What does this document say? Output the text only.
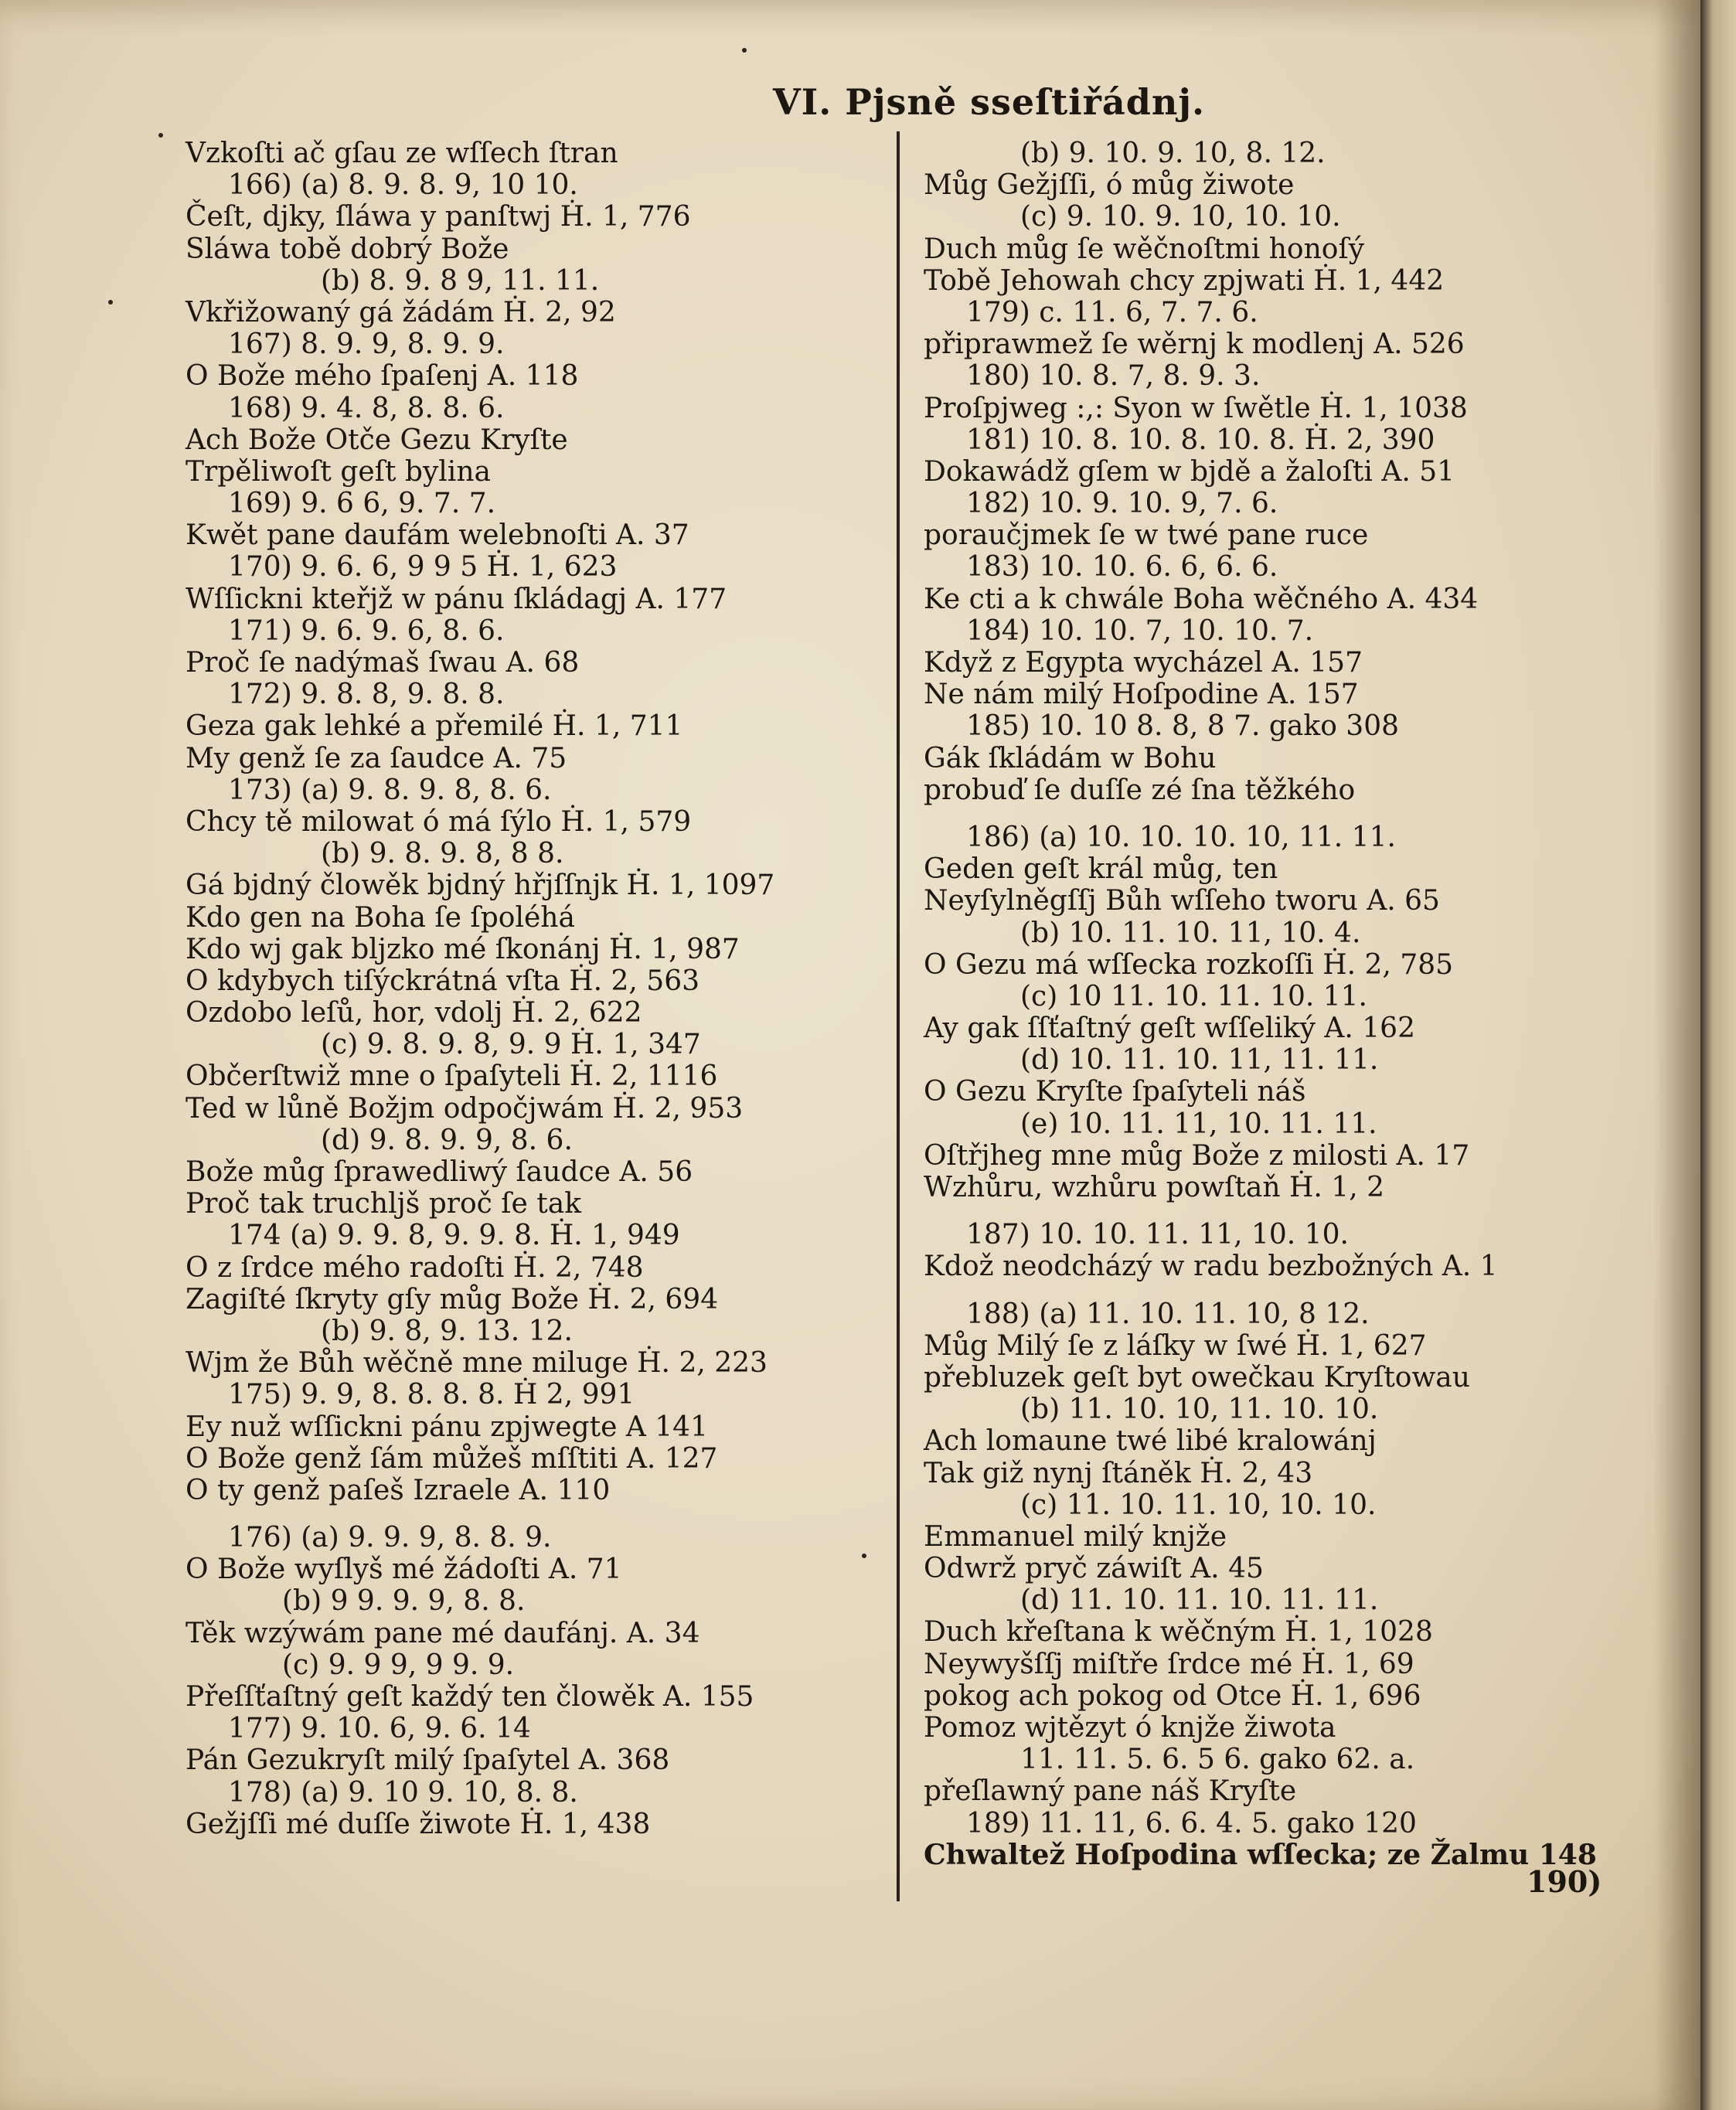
VI. Pjsně sseſtiřádnj.
Vzkoſti ač gſau ze wſſech ſtran
166) (a) 8. 9. 8. 9, 10 10.
Čeſt, djky, ſláwa y panſtwj Ḣ. 1, 776
Sláwa tobě dobrý Bože
(b) 8. 9. 8 9, 11. 11.
Vkřižowaný gá žádám Ḣ. 2, 92
167) 8. 9. 9, 8. 9. 9.
O Bože mého ſpaſenj A. 118
168) 9. 4. 8, 8. 8. 6.
Ach Bože Otče Gezu Kryſte
Trpěliwoſt geſt bylina
169) 9. 6 6, 9. 7. 7.
Kwět pane daufám welebnoſti A. 37
170) 9. 6. 6, 9 9 5 Ḣ. 1, 623
Wſſickni kteřjž w pánu ſkládagj A. 177
171) 9. 6. 9. 6, 8. 6.
Proč ſe nadýmaš ſwau A. 68
172) 9. 8. 8, 9. 8. 8.
Geza gak lehké a přemilé Ḣ. 1, 711
My genž ſe za ſaudce A. 75
173) (a) 9. 8. 9. 8, 8. 6.
Chcy tě milowat ó má ſýlo Ḣ. 1, 579
(b) 9. 8. 9. 8, 8 8.
Gá bjdný člowěk bjdný hřjſſnjk Ḣ. 1, 1097
Kdo gen na Boha ſe ſpoléhá
Kdo wj gak bljzko mé ſkonánj Ḣ. 1, 987
O kdybych tiſýckrátná vſta Ḣ. 2, 563
Ozdobo leſů, hor, vdolj Ḣ. 2, 622
(c) 9. 8. 9. 8, 9. 9 Ḣ. 1, 347
Občerſtwiž mne o ſpaſyteli Ḣ. 2, 1116
Ted w lůně Božjm odpočjwám Ḣ. 2, 953
(d) 9. 8. 9. 9, 8. 6.
Bože můg ſprawedliwý ſaudce A. 56
Proč tak truchljš proč ſe tak
174 (a) 9. 9. 8, 9. 9. 8. Ḣ. 1, 949
O z ſrdce mého radoſti Ḣ. 2, 748
Zagiſté ſkryty gſy můg Bože Ḣ. 2, 694
(b) 9. 8, 9. 13. 12.
Wjm že Bůh wěčně mne miluge Ḣ. 2, 223
175) 9. 9, 8. 8. 8. 8. Ḣ 2, 991
Ey nuž wſſickni pánu zpjwegte A 141
O Bože genž ſám můžeš mſſtiti A. 127
O ty genž paſeš Izraele A. 110
176) (a) 9. 9. 9, 8. 8. 9.
O Bože wyſlyš mé žádoſti A. 71
(b) 9 9. 9. 9, 8. 8.
Těk wzýwám pane mé daufánj. A. 34
(c) 9. 9 9, 9 9. 9.
Přeſſťaſtný geſt každý ten člowěk A. 155
177) 9. 10. 6, 9. 6. 14
Pán Gezukryſt milý ſpaſytel A. 368
178) (a) 9. 10 9. 10, 8. 8.
Gežjſſi mé duſſe žiwote Ḣ. 1, 438
(b) 9. 10. 9. 10, 8. 12.
Můg Gežjſſi, ó můg žiwote
(c) 9. 10. 9. 10, 10. 10.
Duch můg ſe wěčnoſtmi honoſý
Tobě Jehowah chcy zpjwati Ḣ. 1, 442
179) c. 11. 6, 7. 7. 6.
připrawmež ſe wěrnj k modlenj A. 526
180) 10. 8. 7, 8. 9. 3.
Proſpjweg :,: Syon w ſwětle Ḣ. 1, 1038
181) 10. 8. 10. 8. 10. 8. Ḣ. 2, 390
Dokawádž gſem w bjdě a žaloſti A. 51
182) 10. 9. 10. 9, 7. 6.
poraučjmek ſe w twé pane ruce
183) 10. 10. 6. 6, 6. 6.
Ke cti a k chwále Boha wěčného A. 434
184) 10. 10. 7, 10. 10. 7.
Když z Egypta wycházel A. 157
Ne nám milý Hoſpodine A. 157
185) 10. 10 8. 8, 8 7. gako 308
Gák ſkládám w Bohu
probuď ſe duſſe zé ſna těžkého
186) (a) 10. 10. 10. 10, 11. 11.
Geden geſt král můg, ten
Neyſylněgſſj Bůh wſſeho tworu A. 65
(b) 10. 11. 10. 11, 10. 4.
O Gezu má wſſecka rozkoſſi Ḣ. 2, 785
(c) 10 11. 10. 11. 10. 11.
Ay gak ſſťaſtný geſt wſſeliký A. 162
(d) 10. 11. 10. 11, 11. 11.
O Gezu Kryſte ſpaſyteli náš
(e) 10. 11. 11, 10. 11. 11.
Oſtřjheg mne můg Bože z milosti A. 17
Wzhůru, wzhůru powſtaň Ḣ. 1, 2
187) 10. 10. 11. 11, 10. 10.
Kdož neodcházý w radu bezbožných A. 1
188) (a) 11. 10. 11. 10, 8 12.
Můg Milý ſe z láſky w ſwé Ḣ. 1, 627
přebluzek geſt byt owečkau Kryſtowau
(b) 11. 10. 10, 11. 10. 10.
Ach lomaune twé libé kralowánj
Tak giž nynj ſtáněk Ḣ. 2, 43
(c) 11. 10. 11. 10, 10. 10.
Emmanuel milý knjže
Odwrž pryč záwiſt A. 45
(d) 11. 10. 11. 10. 11. 11.
Duch křeſtana k wěčným Ḣ. 1, 1028
Neywyšſſj miſtře ſrdce mé Ḣ. 1, 69
pokog ach pokog od Otce Ḣ. 1, 696
Pomoz wjtězyt ó knjže žiwota
11. 11. 5. 6. 5 6. gako 62. a.
přeſlawný pane náš Kryſte
189) 11. 11, 6. 6. 4. 5. gako 120
Chwaltež Hoſpodina wſſecka; ze Žalmu 148
190)
